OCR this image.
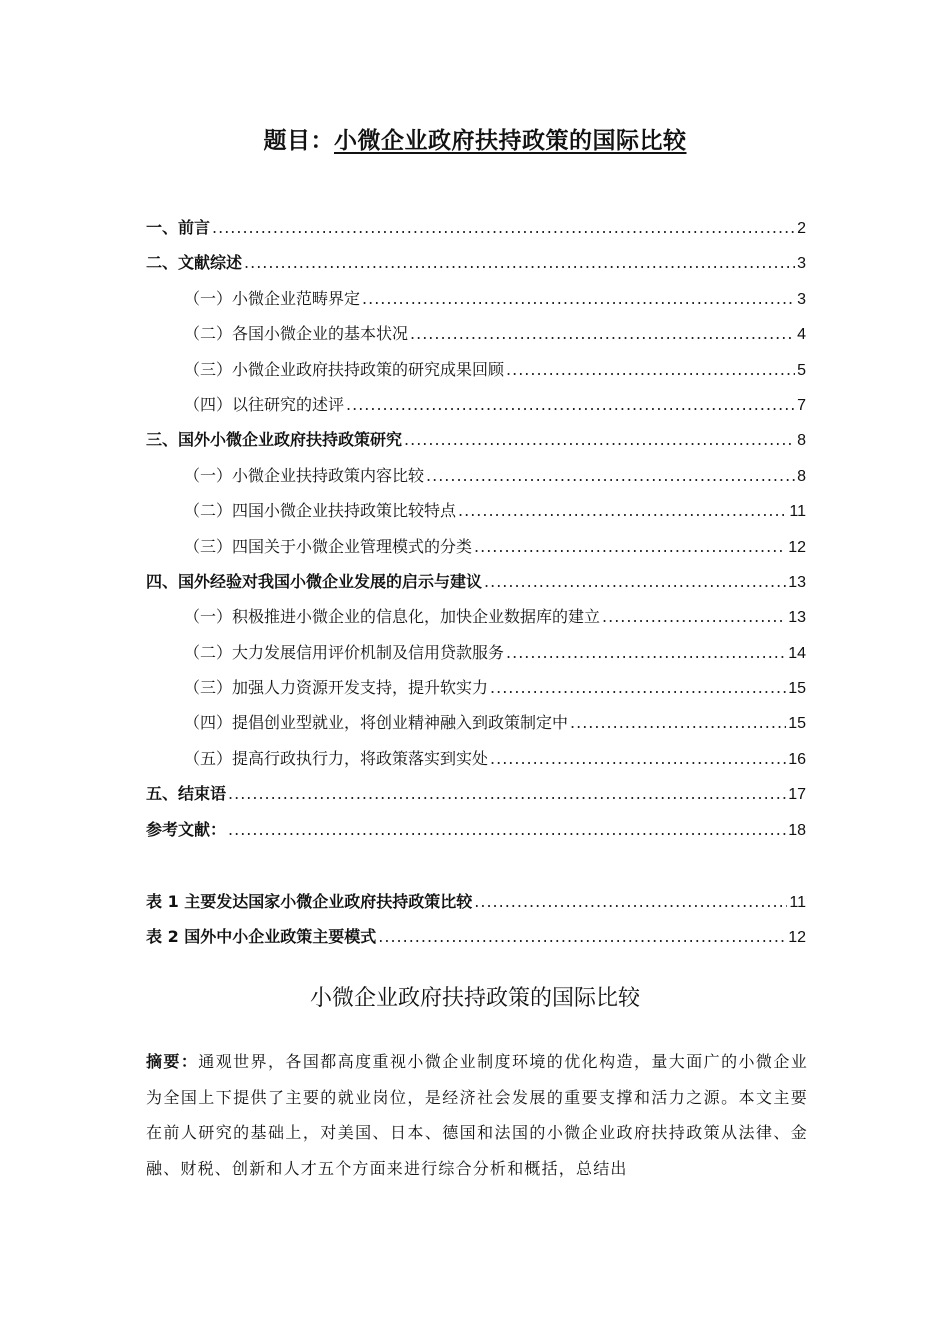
题目：小微企业政府扶持政策的国际比较
一、前言 .....	2
二、文献综述 .....	3
（一）小微企业范畴界定 .....	3
（二）各国小微企业的基本状况 .....	4
（三）小微企业政府扶持政策的研究成果回顾 .....	5
（四）以往研究的述评 .....	7
三、国外小微企业政府扶持政策研究 .....	8
（一）小微企业扶持政策内容比较 .....	8
（二）四国小微企业扶持政策比较特点 .....	11
（三）四国关于小微企业管理模式的分类 .....	12
四、国外经验对我国小微企业发展的启示与建议 .....	13
（一）积极推进小微企业的信息化，加快企业数据库的建立 .....	13
（二）大力发展信用评价机制及信用贷款服务 .....	14
（三）加强人力资源开发支持，提升软实力 .....	15
（四）提倡创业型就业，将创业精神融入到政策制定中 .....	15
（五）提高行政执行力，将政策落实到实处 .....	16
五、结束语 .....	17
参考文献： .....	18
表 1 主要发达国家小微企业政府扶持政策比较 .....	11
表 2 国外中小企业政策主要模式 .....	12
小微企业政府扶持政策的国际比较
摘要：通观世界，各国都高度重视小微企业制度环境的优化构造，量大面广的小微企业为全国上下提供了主要的就业岗位，是经济社会发展的重要支撑和活力之源。本文主要在前人研究的基础上，对美国、日本、德国和法国的小微企业政府扶持政策从法律、金融、财税、创新和人才五个方面来进行综合分析和概括，总结出
